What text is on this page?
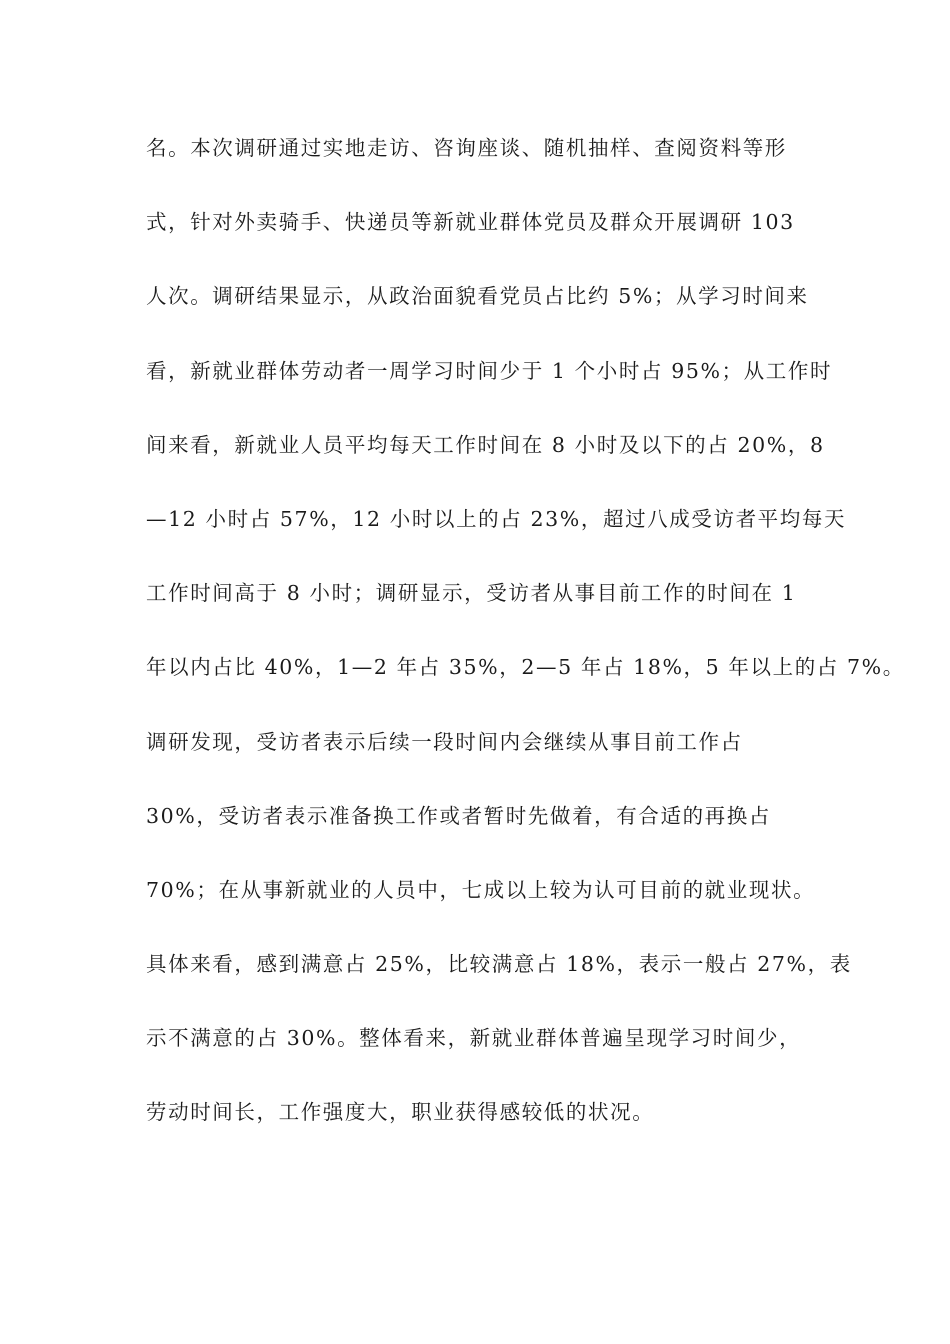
名。本次调研通过实地走访、咨询座谈、随机抽样、查阅资料等形
式，针对外卖骑手、快递员等新就业群体党员及群众开展调研 103
人次。调研结果显示，从政治面貌看党员占比约 5%；从学习时间来
看，新就业群体劳动者一周学习时间少于 1 个小时占 95%；从工作时
间来看，新就业人员平均每天工作时间在 8 小时及以下的占 20%，8
—12 小时占 57%，12 小时以上的占 23%，超过八成受访者平均每天
工作时间高于 8 小时；调研显示，受访者从事目前工作的时间在 1
年以内占比 40%，1—2 年占 35%，2—5 年占 18%，5 年以上的占 7%。
调研发现，受访者表示后续一段时间内会继续从事目前工作占
30%，受访者表示准备换工作或者暂时先做着，有合适的再换占
70%；在从事新就业的人员中，七成以上较为认可目前的就业现状。
具体来看，感到满意占 25%，比较满意占 18%，表示一般占 27%，表
示不满意的占 30%。整体看来，新就业群体普遍呈现学习时间少，
劳动时间长，工作强度大，职业获得感较低的状况。
